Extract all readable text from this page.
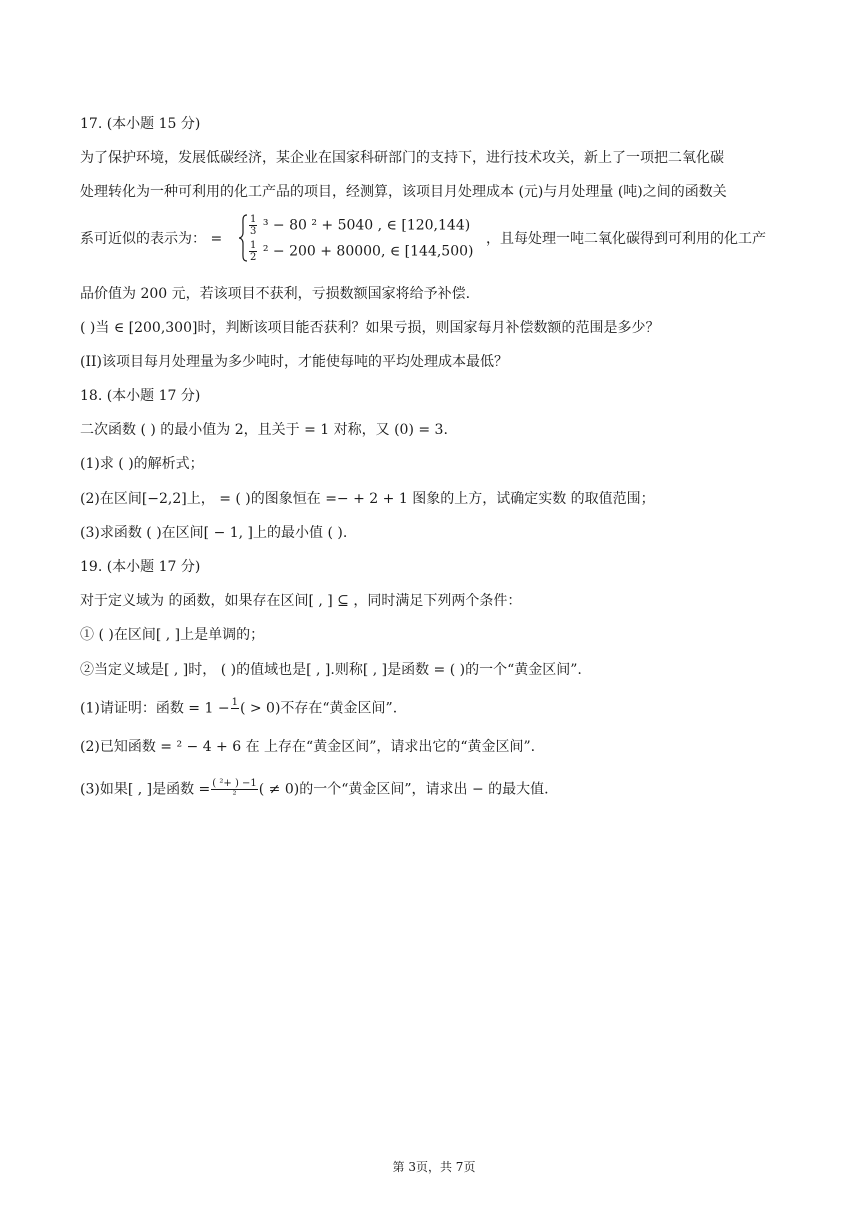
17. (本小题 15 分)
为了保护环境，发展低碳经济，某企业在国家科研部门的支持下，进行技术攻关，新上了一项把二氧化碳
处理转化为一种可利用的化工产品的项目，经测算，该项目月处理成本 (元)与月处理量 (吨)之间的函数关
系可近似的表示为： =
$\frac{1}{3} ^3 - 80$ ² + 5040 , ∈ [120,144)
$\frac{1}{2} ^2 - 200 + 80000$, ∈ [144,500)
，且每处理一吨二氧化碳得到可利用的化工产
品价值为 200 元，若该项目不获利，亏损数额国家将给予补偿.
( )当 ∈ [200,300]时，判断该项目能否获利？如果亏损，则国家每月补偿数额的范围是多少？
(II)该项目每月处理量为多少吨时，才能使每吨的平均处理成本最低？
18. (本小题 17 分)
二次函数 ( ) 的最小值为 2，且关于 = 1 对称，又 (0) = 3.
(1)求 ( )的解析式；
(2)在区间[−2,2]上， = ( )的图象恒在 =− + 2 + 1 图象的上方，试确定实数 的取值范围；
(3)求函数 ( )在区间[ − 1, ]上的最小值 ( ).
19. (本小题 17 分)
对于定义域为 的函数，如果存在区间[ , ] ⊆ ，同时满足下列两个条件：
① ( )在区间[ , ]上是单调的；
②当定义域是[ , ]时， ( )的值域也是[ , ].则称[ , ]是函数 = ( )的一个“黄金区间”.
(1)请证明：函数 = 1 − 1
( > 0)不存在“黄金区间”.
(2)已知函数 = ² − 4 + 6 在 上存在“黄金区间”，请求出它的“黄金区间”.
(3)如果[ , ]是函数 = $\frac{\text{( ²+ ) −1}}{\text{²}}$ ( ≠ 0)的一个“黄金区间”，请求出 − 的最大值.
第 3页，共 7页
